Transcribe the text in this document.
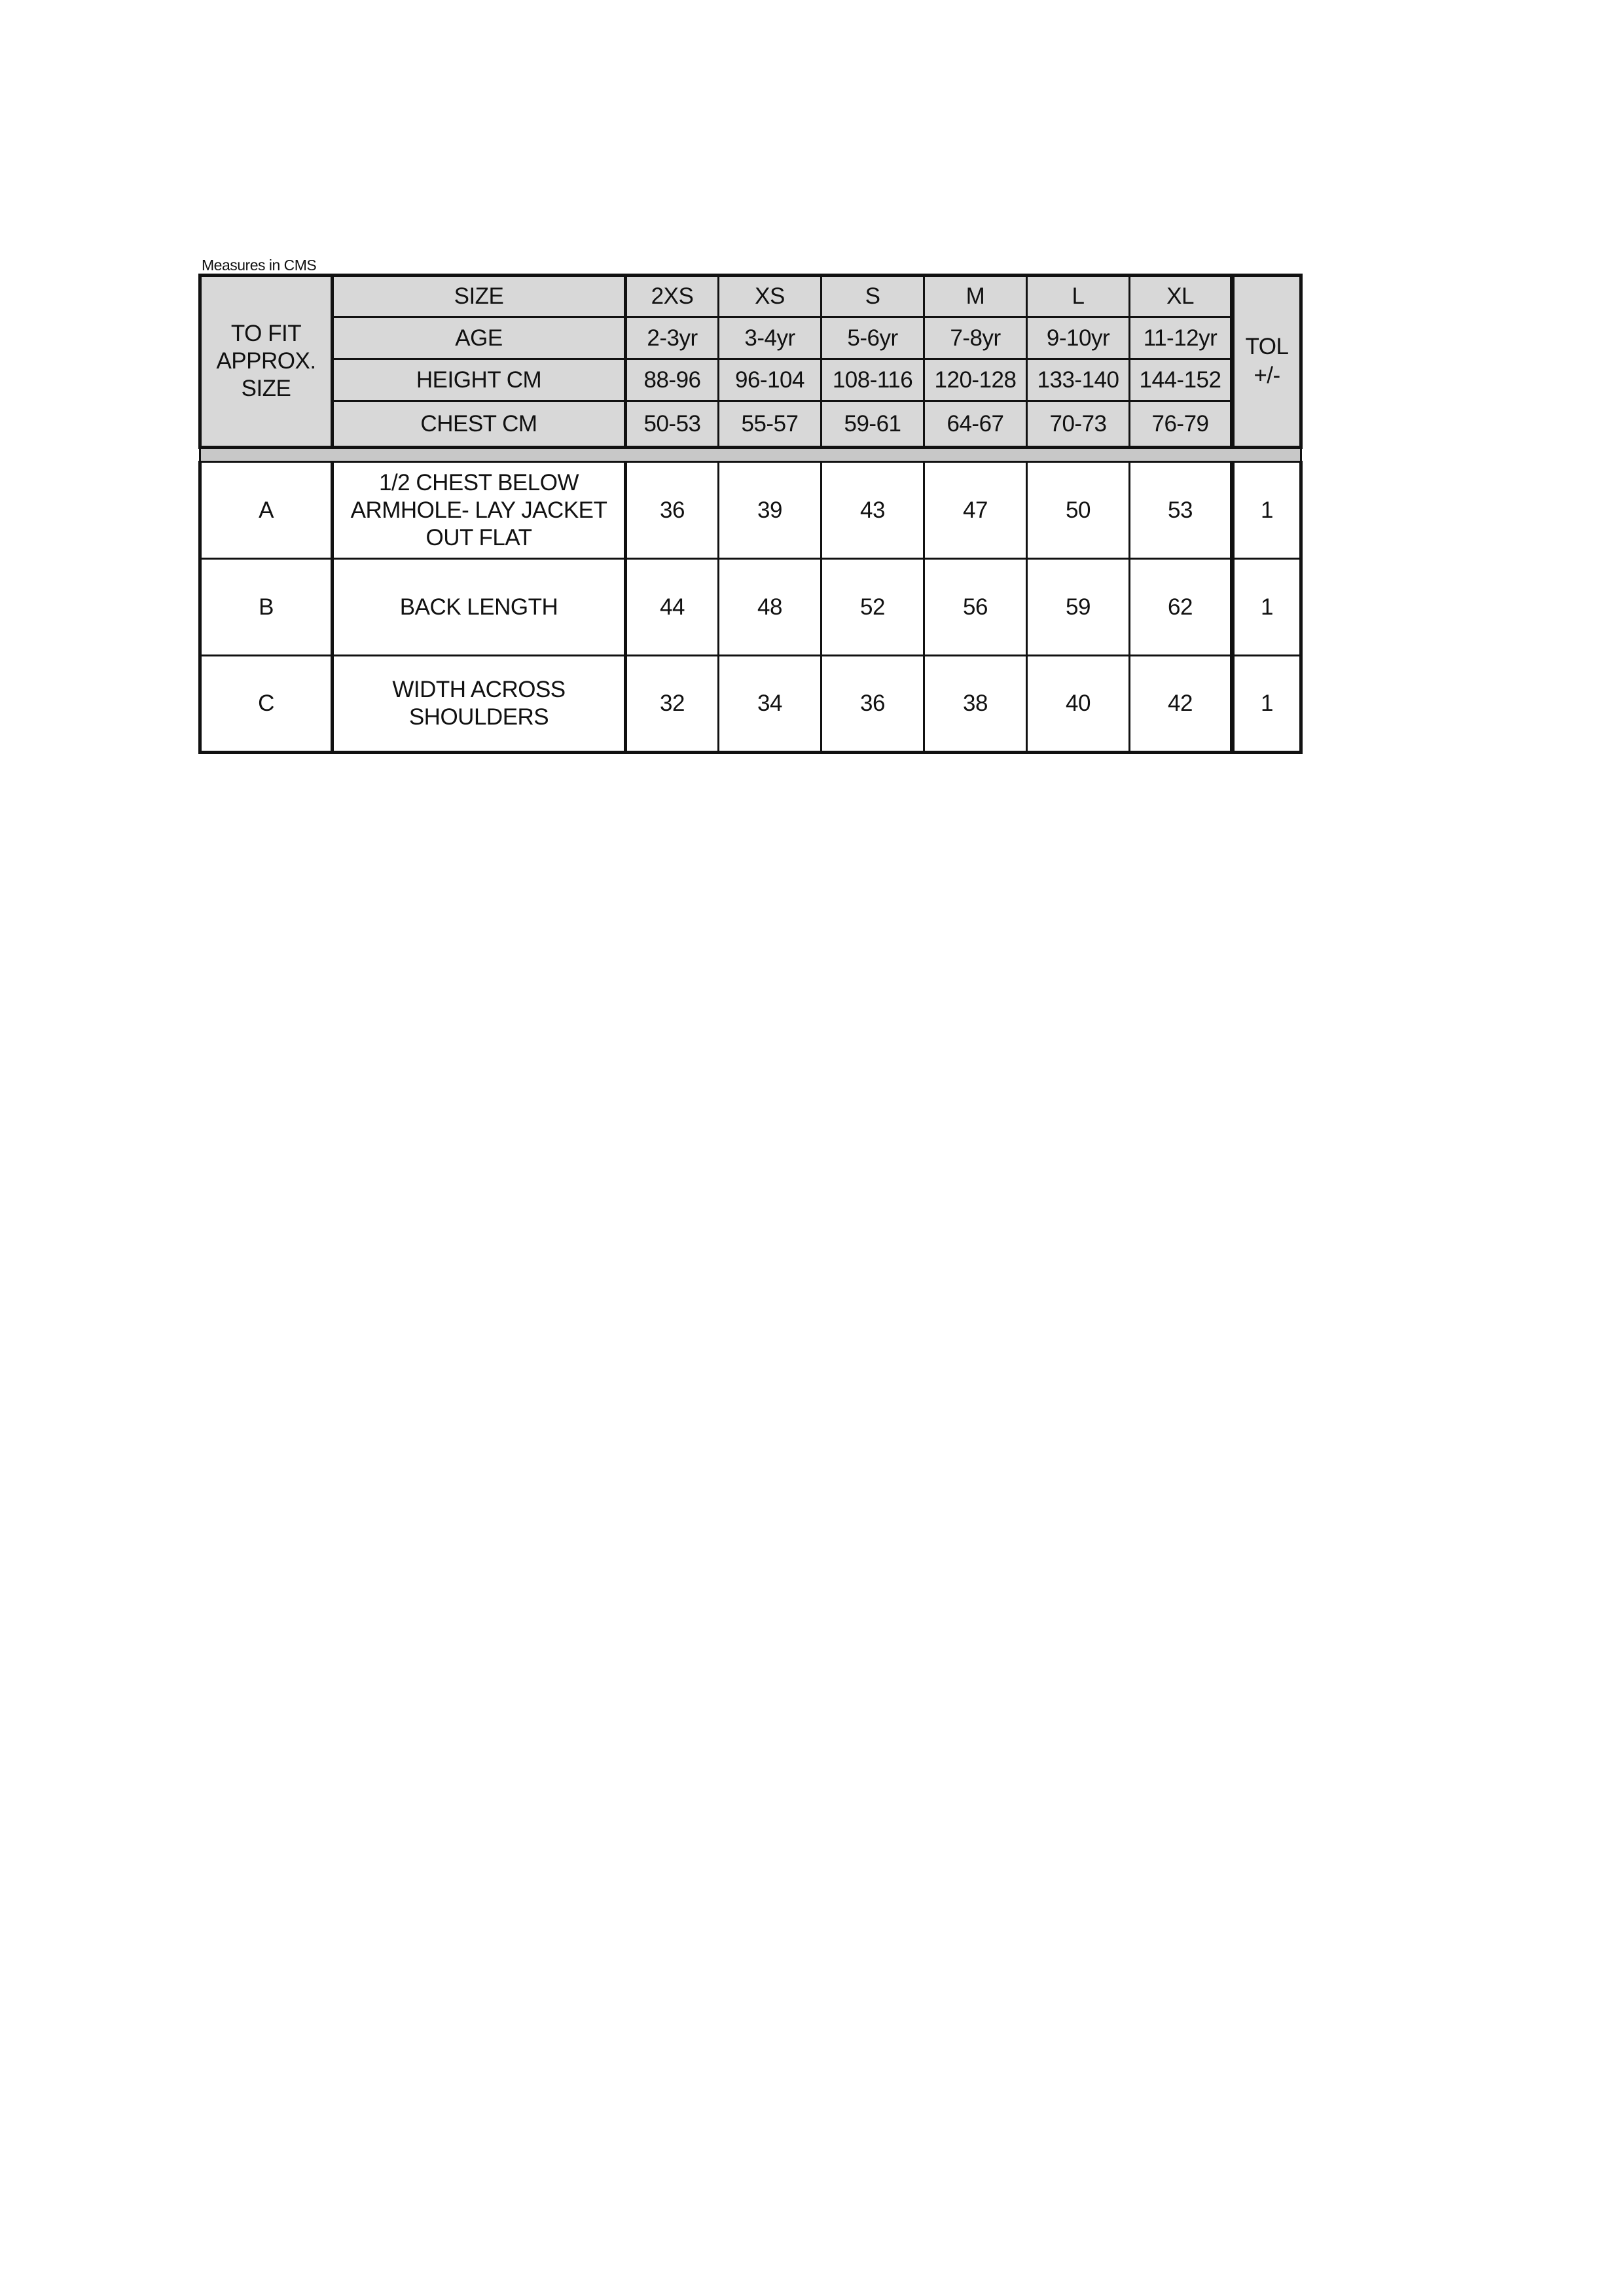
Measures in CMS
TO FIT APPROX. SIZE	SIZE	2XS	XS	S	M	L	XL	TOL +/-
	AGE	2-3yr	3-4yr	5-6yr	7-8yr	9-10yr	11-12yr	
	HEIGHT CM	88-96	96-104	108-116	120-128	133-140	144-152	
	CHEST CM	50-53	55-57	59-61	64-67	70-73	76-79	

A	1/2 CHEST BELOW ARMHOLE- LAY JACKET OUT FLAT	36	39	43	47	50	53	1
B	BACK LENGTH	44	48	52	56	59	62	1
C	WIDTH ACROSS SHOULDERS	32	34	36	38	40	42	1
